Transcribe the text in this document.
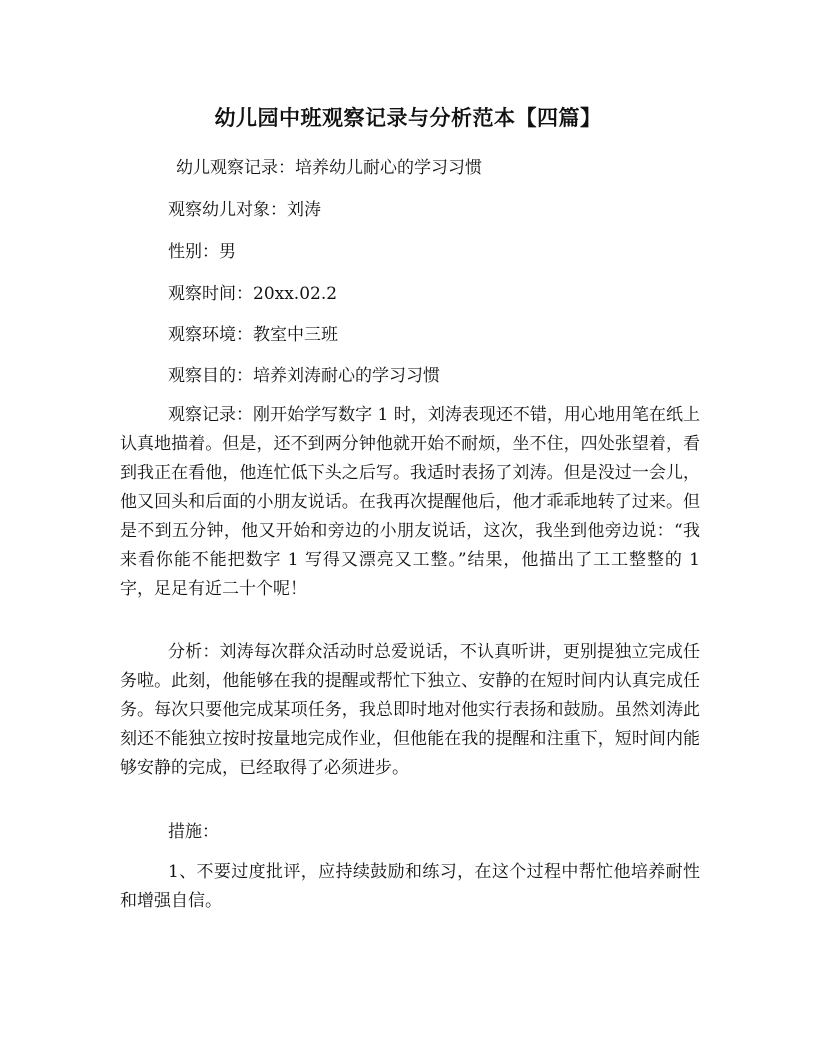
幼儿园中班观察记录与分析范本【四篇】
幼儿观察记录：培养幼儿耐心的学习习惯
观察幼儿对象：刘涛
性别：男
观察时间：20xx.02.2
观察环境：教室中三班
观察目的：培养刘涛耐心的学习习惯
观察记录：刚开始学写数字 1 时，刘涛表现还不错，用心地用笔在纸上认真地描着。但是，还不到两分钟他就开始不耐烦，坐不住，四处张望着，看到我正在看他，他连忙低下头之后写。我适时表扬了刘涛。但是没过一会儿，他又回头和后面的小朋友说话。在我再次提醒他后，他才乖乖地转了过来。但是不到五分钟，他又开始和旁边的小朋友说话，这次，我坐到他旁边说：“我来看你能不能把数字 1 写得又漂亮又工整。”结果，他描出了工工整整的 1 字，足足有近二十个呢！
分析：刘涛每次群众活动时总爱说话，不认真听讲，更别提独立完成任务啦。此刻，他能够在我的提醒或帮忙下独立、安静的在短时间内认真完成任务。每次只要他完成某项任务，我总即时地对他实行表扬和鼓励。虽然刘涛此刻还不能独立按时按量地完成作业，但他能在我的提醒和注重下，短时间内能够安静的完成，已经取得了必须进步。
措施：
1、不要过度批评，应持续鼓励和练习，在这个过程中帮忙他培养耐性和增强自信。
